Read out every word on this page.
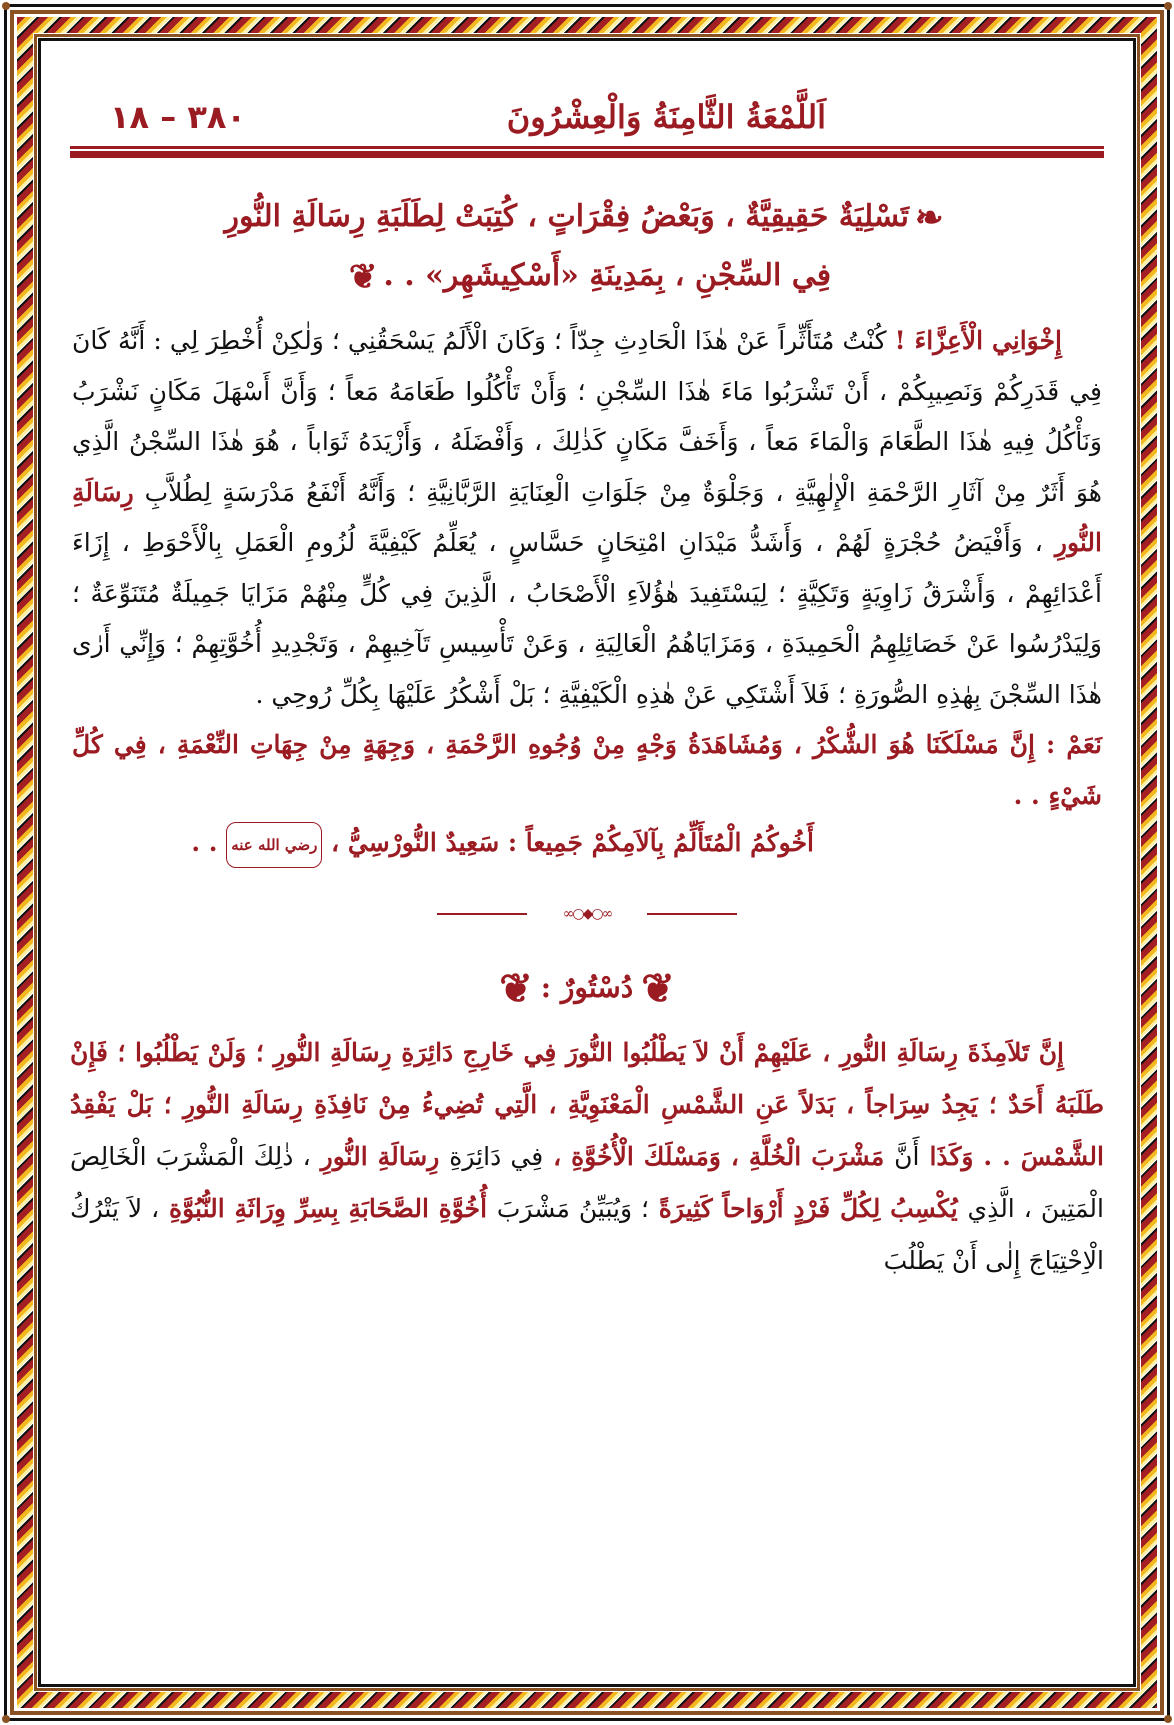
اَللَّمْعَةُ الثَّامِنَةُ وَالْعِشْرُونَ
٣٨٠ – ١٨
❧تَسْلِيَةٌ حَقِيقِيَّةٌ ، وَبَعْضُ فِقْرَاتٍ ، كُتِبَتْ لِطَلَبَةِ رِسَالَةِ النُّورِ
فِي السِّجْنِ ، بِمَدِينَةِ «أَسْكِيشَهِر» . .❦

إِخْوَانِي الْأَعِزَّاءَ ! كُنْتُ مُتَأَثِّراً عَنْ هٰذَا الْحَادِثِ جِدّاً ؛ وَكَانَ الْأَلَمُ يَسْحَقُنِي ؛ وَلٰكِنْ أُخْطِرَ لِي : أَنَّهُ كَانَ فِي قَدَرِكُمْ وَنَصِيبِكُمْ ، أَنْ تَشْرَبُوا مَاءَ هٰذَا السِّجْنِ ؛ وَأَنْ تَأْكُلُوا طَعَامَهُ مَعاً ؛ وَأَنَّ أَسْهَلَ مَكَانٍ نَشْرَبُ وَنَأْكُلُ فِيهِ هٰذَا الطَّعَامَ وَالْمَاءَ مَعاً ، وَأَخَفَّ مَكَانٍ كَذٰلِكَ ، وَأَفْضَلَهُ ، وَأَزْيَدَهُ ثَوَاباً ، هُوَ هٰذَا السِّجْنُ الَّذِي هُوَ أَثَرٌ مِنْ آثَارِ الرَّحْمَةِ الْإِلٰهِيَّةِ ، وَجَلْوَةٌ مِنْ جَلَوَاتِ الْعِنَايَةِ الرَّبَّانِيَّةِ ؛ وَأَنَّهُ أَنْفَعُ مَدْرَسَةٍ لِطُلاَّبِ رِسَالَةِ النُّورِ ، وَأَفْيَضُ حُجْرَةٍ لَهُمْ ، وَأَشَدُّ مَيْدَانِ امْتِحَانٍ حَسَّاسٍ ، يُعَلِّمُ كَيْفِيَّةَ لُزُومِ الْعَمَلِ بِالْأَحْوَطِ ، إِزَاءَ أَعْدَائِهِمْ ، وَأَشْرَقُ زَاوِيَةٍ وَتَكِيَّةٍ ؛ لِيَسْتَفِيدَ هٰؤُلاَءِ الْأَصْحَابُ ، الَّذِينَ فِي كُلٍّ مِنْهُمْ مَزَايَا جَمِيلَةٌ مُتَنَوِّعَةٌ ؛ وَلِيَدْرُسُوا عَنْ خَصَائِلِهِمُ الْحَمِيدَةِ ، وَمَزَايَاهُمُ الْعَالِيَةِ ، وَعَنْ تَأْسِيسِ تَآخِيهِمْ ، وَتَجْدِيدِ أُخُوَّتِهِمْ ؛ وَإِنِّي أَرٰى هٰذَا السِّجْنَ بِهٰذِهِ الصُّورَةِ ؛ فَلاَ أَشْتَكِي عَنْ هٰذِهِ الْكَيْفِيَّةِ ؛ بَلْ أَشْكُرُ عَلَيْهَا بِكُلِّ رُوحِي .

نَعَمْ : إِنَّ مَسْلَكَنَا هُوَ الشُّكْرُ ، وَمُشَاهَدَةُ وَجْهٍ مِنْ وُجُوهِ الرَّحْمَةِ ، وَجِهَةٍ مِنْ جِهَاتِ النِّعْمَةِ ، فِي كُلِّ شَيْءٍ . .

أَخُوكُمُ الْمُتَأَلِّمُ بِآلاَمِكُمْ جَمِيعاً : سَعِيدٌ النُّورْسِيُّ ، رضي الله عنه . .
∞○◆○∞
❦دُسْتُورٌ :❦

إِنَّ تَلاَمِذَةَ رِسَالَةِ النُّورِ ، عَلَيْهِمْ أَنْ لاَ يَطْلُبُوا النُّورَ فِي خَارِجِ دَائِرَةِ رِسَالَةِ النُّورِ ؛ وَلَنْ يَطْلُبُوا ؛ فَإِنْ طَلَبَهُ أَحَدٌ ؛ يَجِدُ سِرَاجاً ، بَدَلاً عَنِ الشَّمْسِ الْمَعْنَوِيَّةِ ، الَّتِي تُضِيءُ مِنْ نَافِذَةِ رِسَالَةِ النُّورِ ؛ بَلْ يَفْقِدُ الشَّمْسَ . . وَكَذَا أَنَّ مَشْرَبَ الْخُلَّةِ ، وَمَسْلَكَ الْأُخُوَّةِ ، فِي دَائِرَةِ رِسَالَةِ النُّورِ ، ذٰلِكَ الْمَشْرَبَ الْخَالِصَ الْمَتِينَ ، الَّذِي يُكْسِبُ لِكُلِّ فَرْدٍ أَرْوَاحاً كَثِيرَةً ؛ وَيُبَيِّنُ مَشْرَبَ أُخُوَّةِ الصَّحَابَةِ بِسِرِّ وِرَاثَةِ النُّبُوَّةِ ، لاَ يَتْرُكُ الْاِحْتِيَاجَ إِلٰى أَنْ يَطْلُبَ
